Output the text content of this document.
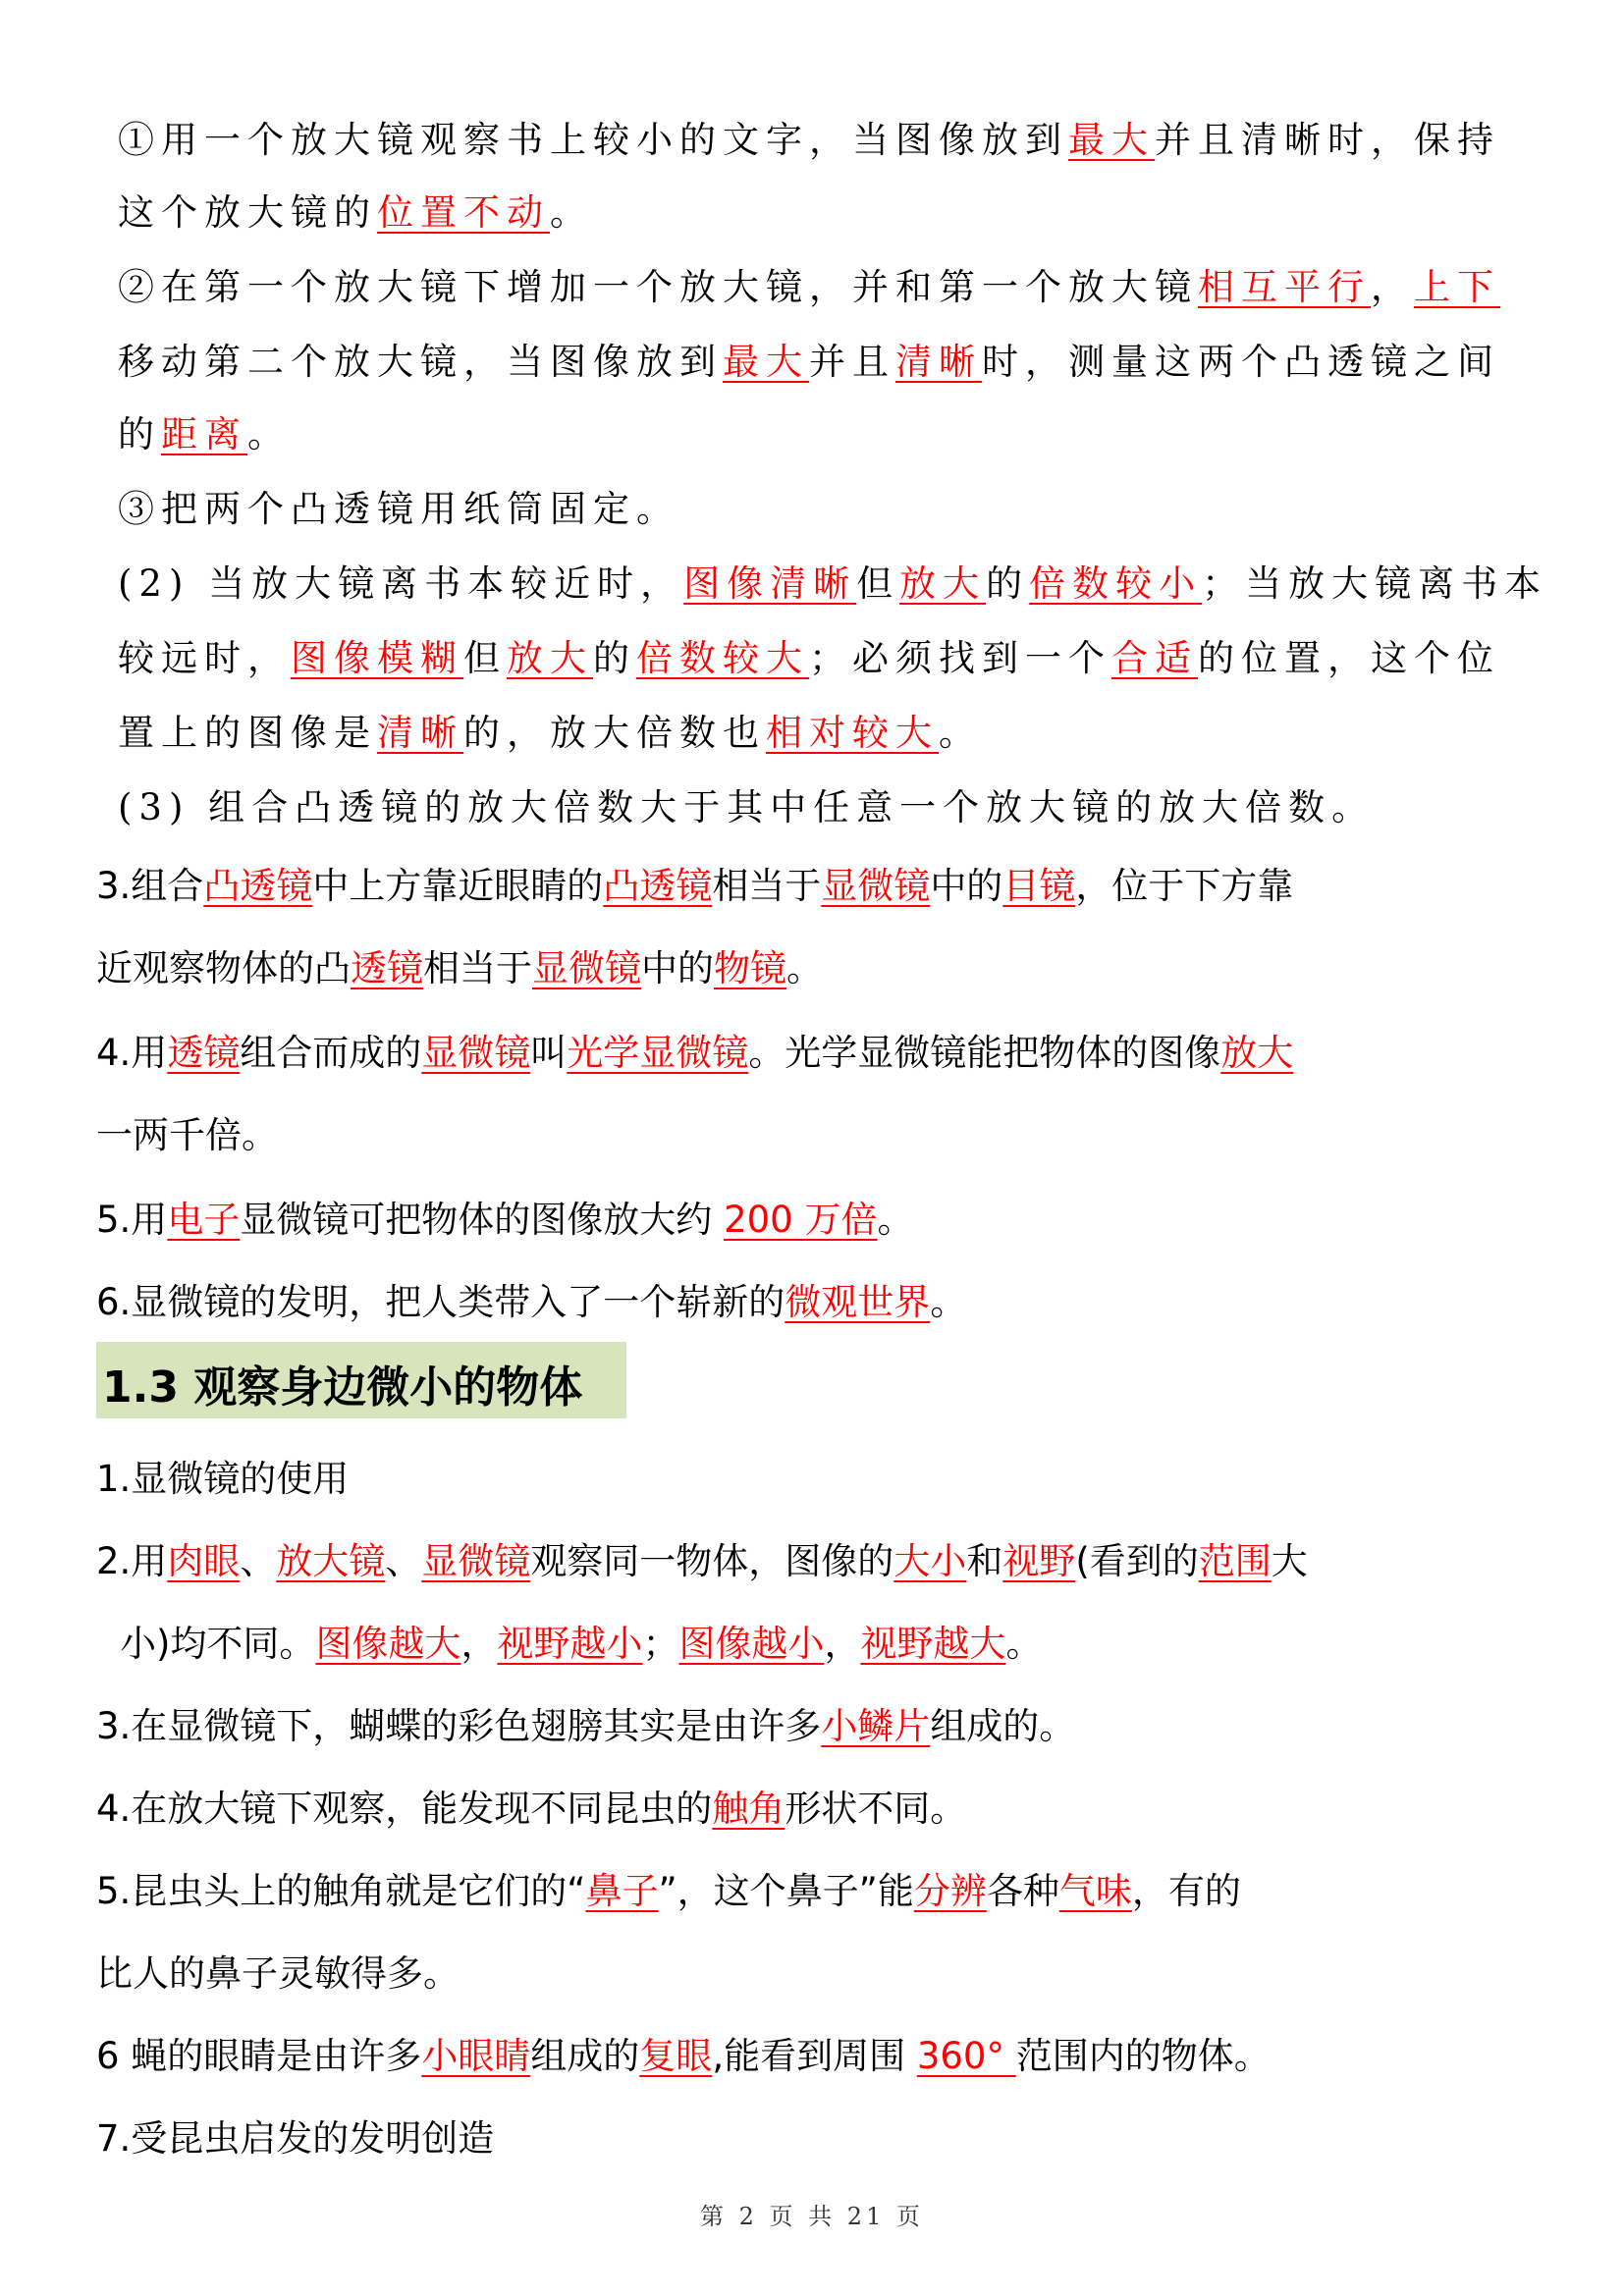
①用一个放大镜观察书上较小的文字，当图像放到最大并且清晰时，保持
这个放大镜的位置不动。
②在第一个放大镜下增加一个放大镜，并和第一个放大镜相互平行，上下
移动第二个放大镜，当图像放到最大并且清晰时，测量这两个凸透镜之间
的距离。
③把两个凸透镜用纸筒固定。
(2) 当放大镜离书本较近时，图像清晰但放大的倍数较小；当放大镜离书本
较远时，图像模糊但放大的倍数较大；必须找到一个合适的位置，这个位
置上的图像是清晰的，放大倍数也相对较大。
(3) 组合凸透镜的放大倍数大于其中任意一个放大镜的放大倍数。
3.组合凸透镜中上方靠近眼睛的凸透镜相当于显微镜中的目镜，位于下方靠
近观察物体的凸透镜相当于显微镜中的物镜。
4.用透镜组合而成的显微镜叫光学显微镜。光学显微镜能把物体的图像放大
一两千倍。
5.用电子显微镜可把物体的图像放大约 200 万倍。
6.显微镜的发明，把人类带入了一个崭新的微观世界。
1.3 观察身边微小的物体
1.显微镜的使用
2.用肉眼、放大镜、显微镜观察同一物体，图像的大小和视野(看到的范围大
小)均不同。图像越大，视野越小；图像越小，视野越大。
3.在显微镜下，蝴蝶的彩色翅膀其实是由许多小鳞片组成的。
4.在放大镜下观察，能发现不同昆虫的触角形状不同。
5.昆虫头上的触角就是它们的“鼻子”，这个鼻子”能分辨各种气味，有的
比人的鼻子灵敏得多。
6 蝇的眼睛是由许多小眼睛组成的复眼,能看到周围 360° 范围内的物体。
7.受昆虫启发的发明创造
第 2 页 共 21 页
